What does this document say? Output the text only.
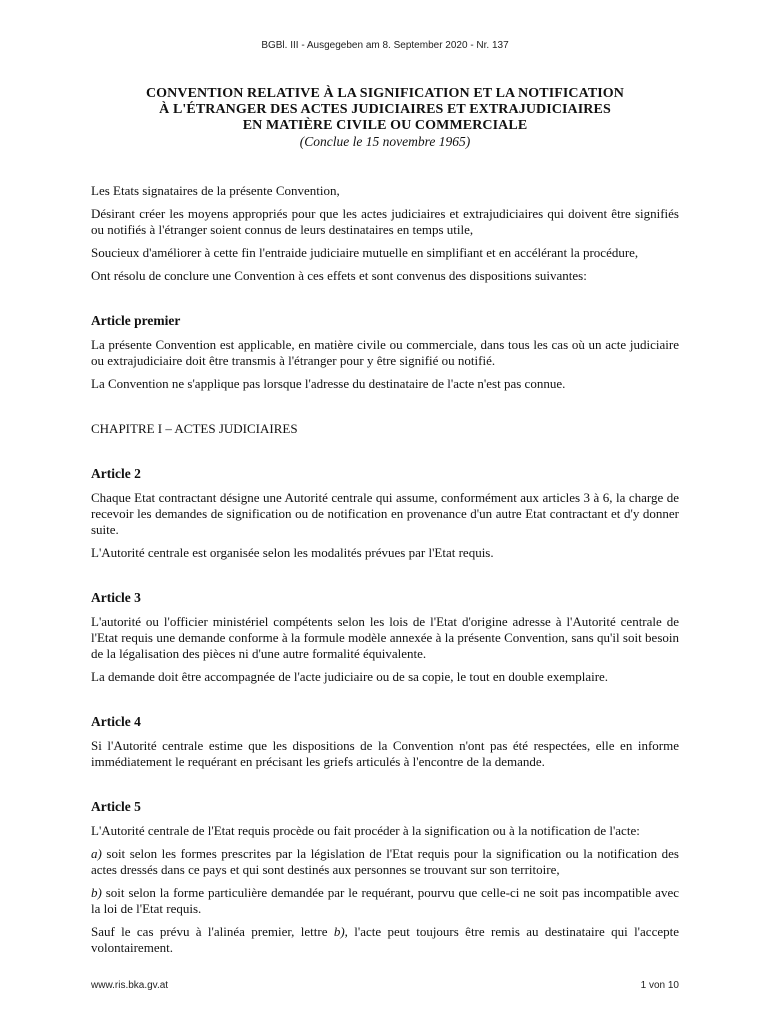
BGBl. III - Ausgegeben am 8. September 2020 - Nr. 137
CONVENTION RELATIVE À LA SIGNIFICATION ET LA NOTIFICATION
À L'ÉTRANGER DES ACTES JUDICIAIRES ET EXTRAJUDICIAIRES
EN MATIÈRE CIVILE OU COMMERCIALE
(Conclue le 15 novembre 1965)

Les Etats signataires de la présente Convention,

Désirant créer les moyens appropriés pour que les actes judiciaires et extrajudiciaires qui doivent être signifiés ou notifiés à l'étranger soient connus de leurs destinataires en temps utile,

Soucieux d'améliorer à cette fin l'entraide judiciaire mutuelle en simplifiant et en accélérant la procédure,

Ont résolu de conclure une Convention à ces effets et sont convenus des dispositions suivantes:

Article premier

La présente Convention est applicable, en matière civile ou commerciale, dans tous les cas où un acte judiciaire ou extrajudiciaire doit être transmis à l'étranger pour y être signifié ou notifié.

La Convention ne s'applique pas lorsque l'adresse du destinataire de l'acte n'est pas connue.

CHAPITRE I – ACTES JUDICIAIRES
Article 2

Chaque Etat contractant désigne une Autorité centrale qui assume, conformément aux articles 3 à 6, la charge de recevoir les demandes de signification ou de notification en provenance d'un autre Etat contractant et d'y donner suite.

L'Autorité centrale est organisée selon les modalités prévues par l'Etat requis.

Article 3

L'autorité ou l'officier ministériel compétents selon les lois de l'Etat d'origine adresse à l'Autorité centrale de l'Etat requis une demande conforme à la formule modèle annexée à la présente Convention, sans qu'il soit besoin de la légalisation des pièces ni d'une autre formalité équivalente.

La demande doit être accompagnée de l'acte judiciaire ou de sa copie, le tout en double exemplaire.

Article 4

Si l'Autorité centrale estime que les dispositions de la Convention n'ont pas été respectées, elle en informe immédiatement le requérant en précisant les griefs articulés à l'encontre de la demande.

Article 5

L'Autorité centrale de l'Etat requis procède ou fait procéder à la signification ou à la notification de l'acte:

a) soit selon les formes prescrites par la législation de l'Etat requis pour la signification ou la notification des actes dressés dans ce pays et qui sont destinés aux personnes se trouvant sur son territoire,

b) soit selon la forme particulière demandée par le requérant, pourvu que celle-ci ne soit pas incompatible avec la loi de l'Etat requis.

Sauf le cas prévu à l'alinéa premier, lettre b), l'acte peut toujours être remis au destinataire qui l'accepte volontairement.

www.ris.bka.gv.at	1 von 10
